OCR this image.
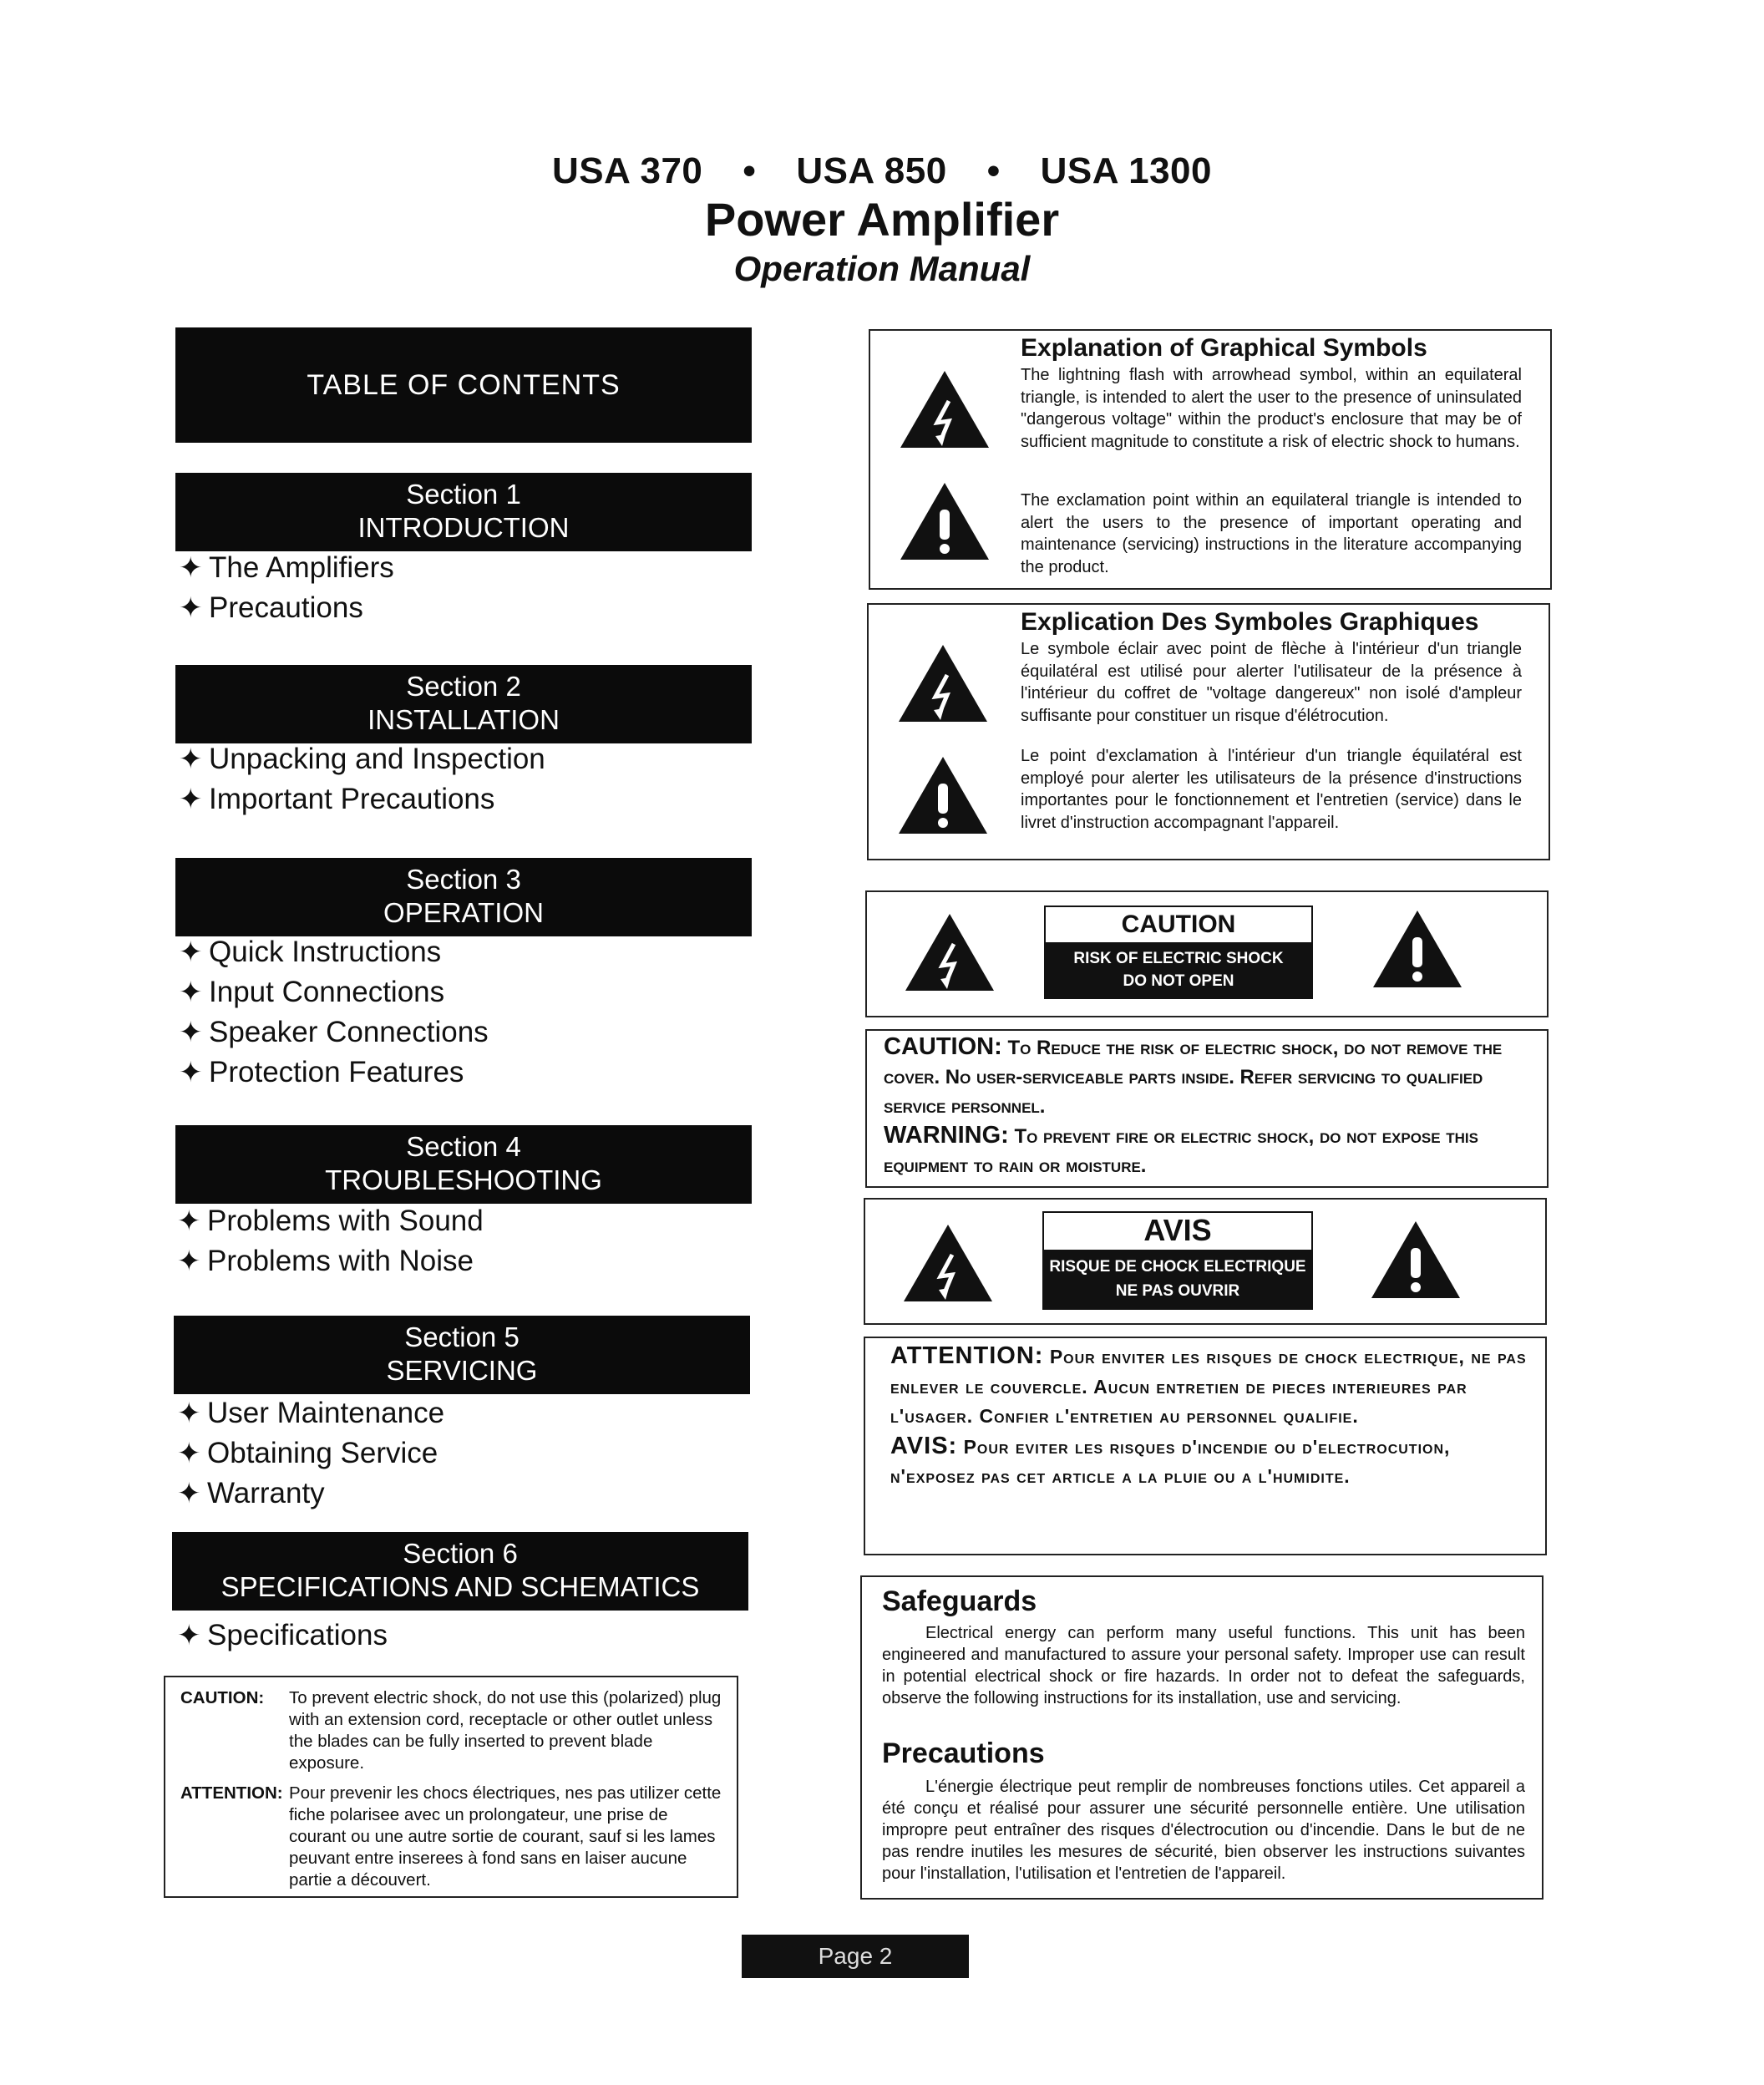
USA 370 • USA 850 • USA 1300
Power Amplifier
Operation Manual
TABLE OF CONTENTS
Section 1
INTRODUCTION
✦ The Amplifiers
✦ Precautions
Section 2
INSTALLATION
✦ Unpacking and Inspection
✦ Important Precautions
Section 3
OPERATION
✦ Quick Instructions
✦ Input Connections
✦ Speaker Connections
✦ Protection Features
Section 4
TROUBLESHOOTING
✦ Problems with Sound
✦ Problems with Noise
Section 5
SERVICING
✦ User Maintenance
✦ Obtaining Service
✦ Warranty
Section 6
SPECIFICATIONS AND SCHEMATICS
✦ Specifications
CAUTION: To prevent electric shock, do not use this (polarized) plug with an extension cord, receptacle or other outlet unless the blades can be fully inserted to prevent blade exposure.
ATTENTION: Pour prevenir les chocs électriques, nes pas utilizer cette fiche polarisee avec un prolongateur, une prise de courant ou une autre sortie de courant, sauf si les lames peuvant entre inserees à fond sans en laiser aucune partie a découvert.
Explanation of Graphical Symbols
The lightning flash with arrowhead symbol, within an equilateral triangle, is intended to alert the user to the presence of uninsulated "dangerous voltage" within the product's enclosure that may be of sufficient magnitude to constitute a risk of electric shock to humans.
The exclamation point within an equilateral triangle is intended to alert the users to the presence of important operating and maintenance (servicing) instructions in the literature accompanying the product.
Explication Des Symboles Graphiques
Le symbole éclair avec point de flèche à l'intérieur d'un triangle équilatéral est utilisé pour alerter l'utilisateur de la présence à l'intérieur du coffret de "voltage dangereux" non isolé d'ampleur suffisante pour constituer un risque d'élétrocution.
Le point d'exclamation à l'intérieur d'un triangle équilatéral est employé pour alerter les utilisateurs de la présence d'instructions importantes pour le fonctionnement et l'entretien (service) dans le livret d'instruction accompagnant l'appareil.
CAUTION
RISK OF ELECTRIC SHOCK
DO NOT OPEN

CAUTION: To Reduce the risk of electric shock, do not remove the cover. No user-serviceable parts inside. Refer servicing to qualified service personnel.

WARNING: To prevent fire or electric shock, do not expose this equipment to rain or moisture.

AVIS
RISQUE DE CHOCK ELECTRIQUE
NE PAS OUVRIR

ATTENTION: Pour enviter les risques de chock electrique, ne pas enlever le couvercle. Aucun entretien de pieces interieures par l'usager. Confier l'entretien au personnel qualifie.

AVIS: Pour eviter les risques d'incendie ou d'electrocution, n'exposez pas cet article a la pluie ou a l'humidite.

Safeguards
Electrical energy can perform many useful functions. This unit has been engineered and manufactured to assure your personal safety. Improper use can result in potential electrical shock or fire hazards. In order not to defeat the safeguards, observe the following instructions for its installation, use and servicing.
Precautions
L'énergie électrique peut remplir de nombreuses fonctions utiles. Cet appareil a été conçu et réalisé pour assurer une sécurité personnelle entière. Une utilisation impropre peut entraîner des risques d'électrocution ou d'incendie. Dans le but de ne pas rendre inutiles les mesures de sécurité, bien observer les instructions suivantes pour l'installation, l'utilisation et l'entretien de l'appareil.
Page 2
